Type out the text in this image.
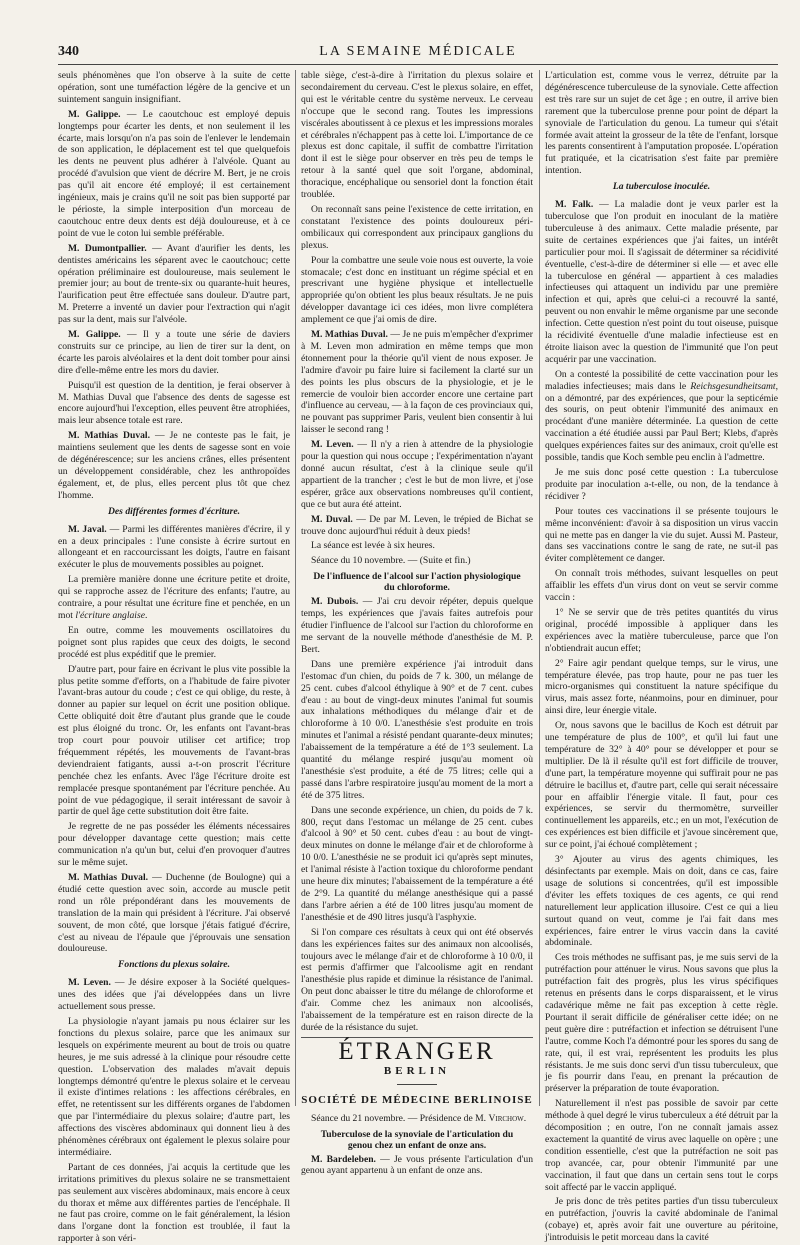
340	LA SEMAINE MÉDICALE

seuls phénomènes que l'on observe à la suite de cette opération, sont une tuméfaction légère de la gencive et un suintement sanguin insignifiant.

M. Galippe. — Le caoutchouc est employé depuis longtemps pour écarter les dents, et non seulement il les écarte, mais lorsqu'on n'a pas soin de l'enlever le lendemain de son application, le déplacement est tel que quelquefois les dents ne peuvent plus adhérer à l'alvéole. Quant au procédé d'avulsion que vient de décrire M. Bert, je ne crois pas qu'il ait encore été employé; il est certainement ingénieux, mais je crains qu'il ne soit pas bien supporté par le périoste, la simple interposition d'un morceau de caoutchouc entre deux dents est déjà douloureuse, et à ce point de vue le coton lui semble préférable.

M. Dumontpallier. — Avant d'aurifier les dents, les dentistes américains les séparent avec le caoutchouc; cette opération préliminaire est douloureuse, mais seulement le premier jour; au bout de trente-six ou quarante-huit heures, l'aurification peut être effectuée sans douleur. D'autre part, M. Preterre a inventé un davier pour l'extraction qui n'agit pas sur la dent, mais sur l'alvéole.

M. Galippe. — Il y a toute une série de daviers construits sur ce principe, au lien de tirer sur la dent, on écarte les parois alvéolaires et la dent doit tomber pour ainsi dire d'elle-même entre les mors du davier.

Puisqu'il est question de la dentition, je ferai observer à M. Mathias Duval que l'absence des dents de sagesse est encore aujourd'hui l'exception, elles peuvent être atrophiées, mais leur absence totale est rare.

M. Mathias Duval. — Je ne conteste pas le fait, je maintiens seulement que les dents de sagesse sont en voie de dégénérescence; sur les anciens crânes, elles présentent un développement considérable, chez les anthropoïdes également, et, de plus, elles percent plus tôt que chez l'homme.

Des différentes formes d'écriture.

M. Javal. — Parmi les différentes manières d'écrire, il y en a deux principales : l'une consiste à écrire surtout en allongeant et en raccourcissant les doigts, l'autre en faisant exécuter le plus de mouvements possibles au poignet.

La première manière donne une écriture petite et droite, qui se rapproche assez de l'écriture des enfants; l'autre, au contraire, a pour résultat une écriture fine et penchée, en un mot l'écriture anglaise.

En outre, comme les mouvements oscillatoires du poignet sont plus rapides que ceux des doigts, le second procédé est plus expéditif que le premier.

D'autre part, pour faire en écrivant le plus vite possible la plus petite somme d'efforts, on a l'habitude de faire pivoter l'avant-bras autour du coude ; c'est ce qui oblige, du reste, à donner au papier sur lequel on écrit une position oblique. Cette obliquité doit être d'autant plus grande que le coude est plus éloigné du tronc. Or, les enfants ont l'avant-bras trop court pour pouvoir utiliser cet artifice; trop fréquemment répétés, les mouvements de l'avant-bras deviendraient fatigants, aussi a-t-on proscrit l'écriture penchée chez les enfants. Avec l'âge l'écriture droite est remplacée presque spontanément par l'écriture penchée. Au point de vue pédagogique, il serait intéressant de savoir à partir de quel âge cette substitution doit être faite.

Je regrette de ne pas posséder les éléments nécessaires pour développer davantage cette question; mais cette communication n'a qu'un but, celui d'en provoquer d'autres sur le même sujet.

M. Mathias Duval. — Duchenne (de Boulogne) qui a étudié cette question avec soin, accorde au muscle petit rond un rôle prépondérant dans les mouvements de translation de la main qui président à l'écriture. J'ai observé souvent, de mon côté, que lorsque j'étais fatigué d'écrire, c'est au niveau de l'épaule que j'éprouvais une sensation douloureuse.

Fonctions du plexus solaire.

M. Leven. — Je désire exposer à la Société quelques-unes des idées que j'ai développées dans un livre actuellement sous presse.

La physiologie n'ayant jamais pu nous éclairer sur les fonctions du plexus solaire, parce que les animaux sur lesquels on expérimente meurent au bout de trois ou quatre heures, je me suis adressé à la clinique pour résoudre cette question. L'observation des malades m'avait depuis longtemps démontré qu'entre le plexus solaire et le cerveau il existe d'intimes relations : les affections cérébrales, en effet, ne retentissent sur les différents organes de l'abdomen que par l'intermédiaire du plexus solaire; d'autre part, les affections des viscères abdominaux qui donnent lieu à des phénomènes cérébraux ont également le plexus solaire pour intermédiaire.

Partant de ces données, j'ai acquis la certitude que les irritations primitives du plexus solaire ne se transmettaient pas seulement aux viscères abdominaux, mais encore à ceux du thorax et même aux différentes parties de l'encéphale. Il ne faut pas croire, comme on le fait généralement, la lésion dans l'organe dont la fonction est troublée, il faut la rapporter à son véri-

table siège, c'est-à-dire à l'irritation du plexus solaire et secondairement du cerveau. C'est le plexus solaire, en effet, qui est le véritable centre du système nerveux. Le cerveau n'occupe que le second rang. Toutes les impressions viscérales aboutissent à ce plexus et les impressions morales et cérébrales n'échappent pas à cette loi. L'importance de ce plexus est donc capitale, il suffit de combattre l'irritation dont il est le siège pour observer en très peu de temps le retour à la santé quel que soit l'organe, abdominal, thoracique, encéphalique ou sensoriel dont la fonction était troublée.

On reconnaît sans peine l'existence de cette irritation, en constatant l'existence des points douloureux péri-ombilicaux qui correspondent aux principaux ganglions du plexus.

Pour la combattre une seule voie nous est ouverte, la voie stomacale; c'est donc en instituant un régime spécial et en prescrivant une hygiène physique et intellectuelle appropriée qu'on obtient les plus beaux résultats. Je ne puis développer davantage ici ces idées, mon livre complétera amplement ce que j'ai omis de dire.

M. Mathias Duval. — Je ne puis m'empêcher d'exprimer à M. Leven mon admiration en même temps que mon étonnement pour la théorie qu'il vient de nous exposer. Je l'admire d'avoir pu faire luire si facilement la clarté sur un des points les plus obscurs de la physiologie, et je le remercie de vouloir bien accorder encore une certaine part d'influence au cerveau, — à la façon de ces provinciaux qui, ne pouvant pas supprimer Paris, veulent bien consentir à lui laisser le second rang !

M. Leven. — Il n'y a rien à attendre de la physiologie pour la question qui nous occupe ; l'expérimentation n'ayant donné aucun résultat, c'est à la clinique seule qu'il appartient de la trancher ; c'est le but de mon livre, et j'ose espérer, grâce aux observations nombreuses qu'il contient, que ce but aura été atteint.

M. Duval. — De par M. Leven, le trépied de Bichat se trouve donc aujourd'hui réduit à deux pieds!

La séance est levée à six heures.

Séance du 10 novembre. — (Suite et fin.)

De l'influence de l'alcool sur l'action physiologique du chloroforme.

M. Dubois. — J'ai cru devoir répéter, depuis quelque temps, les expériences que j'avais faites autrefois pour étudier l'influence de l'alcool sur l'action du chloroforme en me servant de la nouvelle méthode d'anesthésie de M. P. Bert.

Dans une première expérience j'ai introduit dans l'estomac d'un chien, du poids de 7 k. 300, un mélange de 25 cent. cubes d'alcool éthylique à 90° et de 7 cent. cubes d'eau : au bout de vingt-deux minutes l'animal fut soumis aux inhalations méthodiques du mélange d'air et de chloroforme à 10 0/0. L'anesthésie s'est produite en trois minutes et l'animal a résisté pendant quarante-deux minutes; l'abaissement de la température a été de 1°3 seulement. La quantité du mélange respiré jusqu'au moment où l'anesthésie s'est produite, a été de 75 litres; celle qui a passé dans l'arbre respiratoire jusqu'au moment de la mort a été de 375 litres.

Dans une seconde expérience, un chien, du poids de 7 k. 800, reçut dans l'estomac un mélange de 25 cent. cubes d'alcool à 90° et 50 cent. cubes d'eau : au bout de vingt-deux minutes on donne le mélange d'air et de chloroforme à 10 0/0. L'anesthésie ne se produit ici qu'après sept minutes, et l'animal résiste à l'action toxique du chloroforme pendant une heure dix minutes; l'abaissement de la température a été de 2°9. La quantité du mélange anesthésique qui a passé dans l'arbre aérien a été de 100 litres jusqu'au moment de l'anesthésie et de 490 litres jusqu'à l'asphyxie.

Si l'on compare ces résultats à ceux qui ont été observés dans les expériences faites sur des animaux non alcoolisés, toujours avec le mélange d'air et de chloroforme à 10 0/0, il est permis d'affirmer que l'alcoolisme agit en rendant l'anesthésie plus rapide et diminue la résistance de l'animal. On peut donc abaisser le titre du mélange de chloroforme et d'air. Comme chez les animaux non alcoolisés, l'abaissement de la température est en raison directe de la durée de la résistance du sujet.

ÉTRANGER
BERLIN
SOCIÉTÉ DE MÉDECINE BERLINOISE

Séance du 21 novembre. — Présidence de M. Virchow.

Tuberculose de la synoviale de l'articulation du genou chez un enfant de onze ans.

M. Bardeleben. — Je vous présente l'articulation d'un genou ayant appartenu à un enfant de onze ans.

L'articulation est, comme vous le verrez, détruite par la dégénérescence tuberculeuse de la synoviale. Cette affection est très rare sur un sujet de cet âge ; en outre, il arrive bien rarement que la tuberculose prenne pour point de départ la synoviale de l'articulation du genou. La tumeur qui s'était formée avait atteint la grosseur de la tête de l'enfant, lorsque les parents consentirent à l'amputation proposée. L'opération fut pratiquée, et la cicatrisation s'est faite par première intention.

La tuberculose inoculée.

M. Falk. — La maladie dont je veux parler est la tuberculose que l'on produit en inoculant de la matière tuberculeuse à des animaux. Cette maladie présente, par suite de certaines expériences que j'ai faites, un intérêt particulier pour moi. Il s'agissait de déterminer sa récidivité éventuelle, c'est-à-dire de déterminer si elle — et avec elle la tuberculose en général — appartient à ces maladies infectieuses qui attaquent un individu par une première infection et qui, après que celui-ci a recouvré la santé, peuvent ou non envahir le même organisme par une seconde infection. Cette question n'est point du tout oiseuse, puisque la récidivité éventuelle d'une maladie infectieuse est en étroite liaison avec la question de l'immunité que l'on peut acquérir par une vaccination.

On a contesté la possibilité de cette vaccination pour les maladies infectieuses; mais dans le Reichsgesundheitsamt, on a démontré, par des expériences, que pour la septicémie des souris, on peut obtenir l'immunité des animaux en procédant d'une manière déterminée. La question de cette vaccination a été étudiée aussi par Paul Bert; Klebs, d'après quelques expériences faites sur des animaux, croit qu'elle est possible, tandis que Koch semble peu enclin à l'admettre.

Je me suis donc posé cette question : La tuberculose produite par inoculation a-t-elle, ou non, de la tendance à récidiver ?

Pour toutes ces vaccinations il se présente toujours le même inconvénient: d'avoir à sa disposition un virus vaccin qui ne mette pas en danger la vie du sujet. Aussi M. Pasteur, dans ses vaccinations contre le sang de rate, ne sut-il pas éviter complètement ce danger.

On connaît trois méthodes, suivant lesquelles on peut affaiblir les effets d'un virus dont on veut se servir comme vaccin :

1° Ne se servir que de très petites quantités du virus original, procédé impossible à appliquer dans les expériences avec la matière tuberculeuse, parce que l'on n'obtiendrait aucun effet;

2° Faire agir pendant quelque temps, sur le virus, une température élevée, pas trop haute, pour ne pas tuer les micro-organismes qui constituent la nature spécifique du virus, mais assez forte, néanmoins, pour en diminuer, pour ainsi dire, leur énergie vitale.

Or, nous savons que le bacillus de Koch est détruit par une température de plus de 100°, et qu'il lui faut une température de 32° à 40° pour se développer et pour se multiplier. De là il résulte qu'il est fort difficile de trouver, d'une part, la température moyenne qui suffirait pour ne pas détruire le bacillus et, d'autre part, celle qui serait nécessaire pour en affaiblir l'énergie vitale. Il faut, pour ces expériences, se servir du thermomètre, surveiller continuellement les appareils, etc.; en un mot, l'exécution de ces expériences est bien difficile et j'avoue sincèrement que, sur ce point, j'ai échoué complètement ;

3° Ajouter au virus des agents chimiques, les désinfectants par exemple. Mais on doit, dans ce cas, faire usage de solutions si concentrées, qu'il est impossible d'éviter les effets toxiques de ces agents, ce qui rend naturellement leur application illusoire. C'est ce qui a lieu surtout quand on veut, comme je l'ai fait dans mes expériences, faire entrer le virus vaccin dans la cavité abdominale.

Ces trois méthodes ne suffisant pas, je me suis servi de la putréfaction pour atténuer le virus. Nous savons que plus la putréfaction fait des progrès, plus les virus spécifiques retenus en présents dans le corps disparaissent, et le virus cadavérique même ne fait pas exception à cette règle. Pourtant il serait difficile de généraliser cette idée; on ne peut guère dire : putréfaction et infection se détruisent l'une l'autre, comme Koch l'a démontré pour les spores du sang de rate, qui, il est vrai, représentent les produits les plus résistants. Je me suis donc servi d'un tissu tuberculeux, que je fis pourrir dans l'eau, en prenant la précaution de préserver la préparation de toute évaporation.

Naturellement il n'est pas possible de savoir par cette méthode à quel degré le virus tuberculeux a été détruit par la décomposition ; en outre, l'on ne connaît jamais assez exactement la quantité de virus avec laquelle on opère ; une condition essentielle, c'est que la putréfaction ne soit pas trop avancée, car, pour obtenir l'immunité par une vaccination, il faut que dans un certain sens tout le corps soit affecté par le vaccin appliqué.

Je pris donc de très petites parties d'un tissu tuberculeux en putréfaction, j'ouvris la cavité abdominale de l'animal (cobaye) et, après avoir fait une ouverture au péritoine, j'introduisis le petit morceau dans la cavité
